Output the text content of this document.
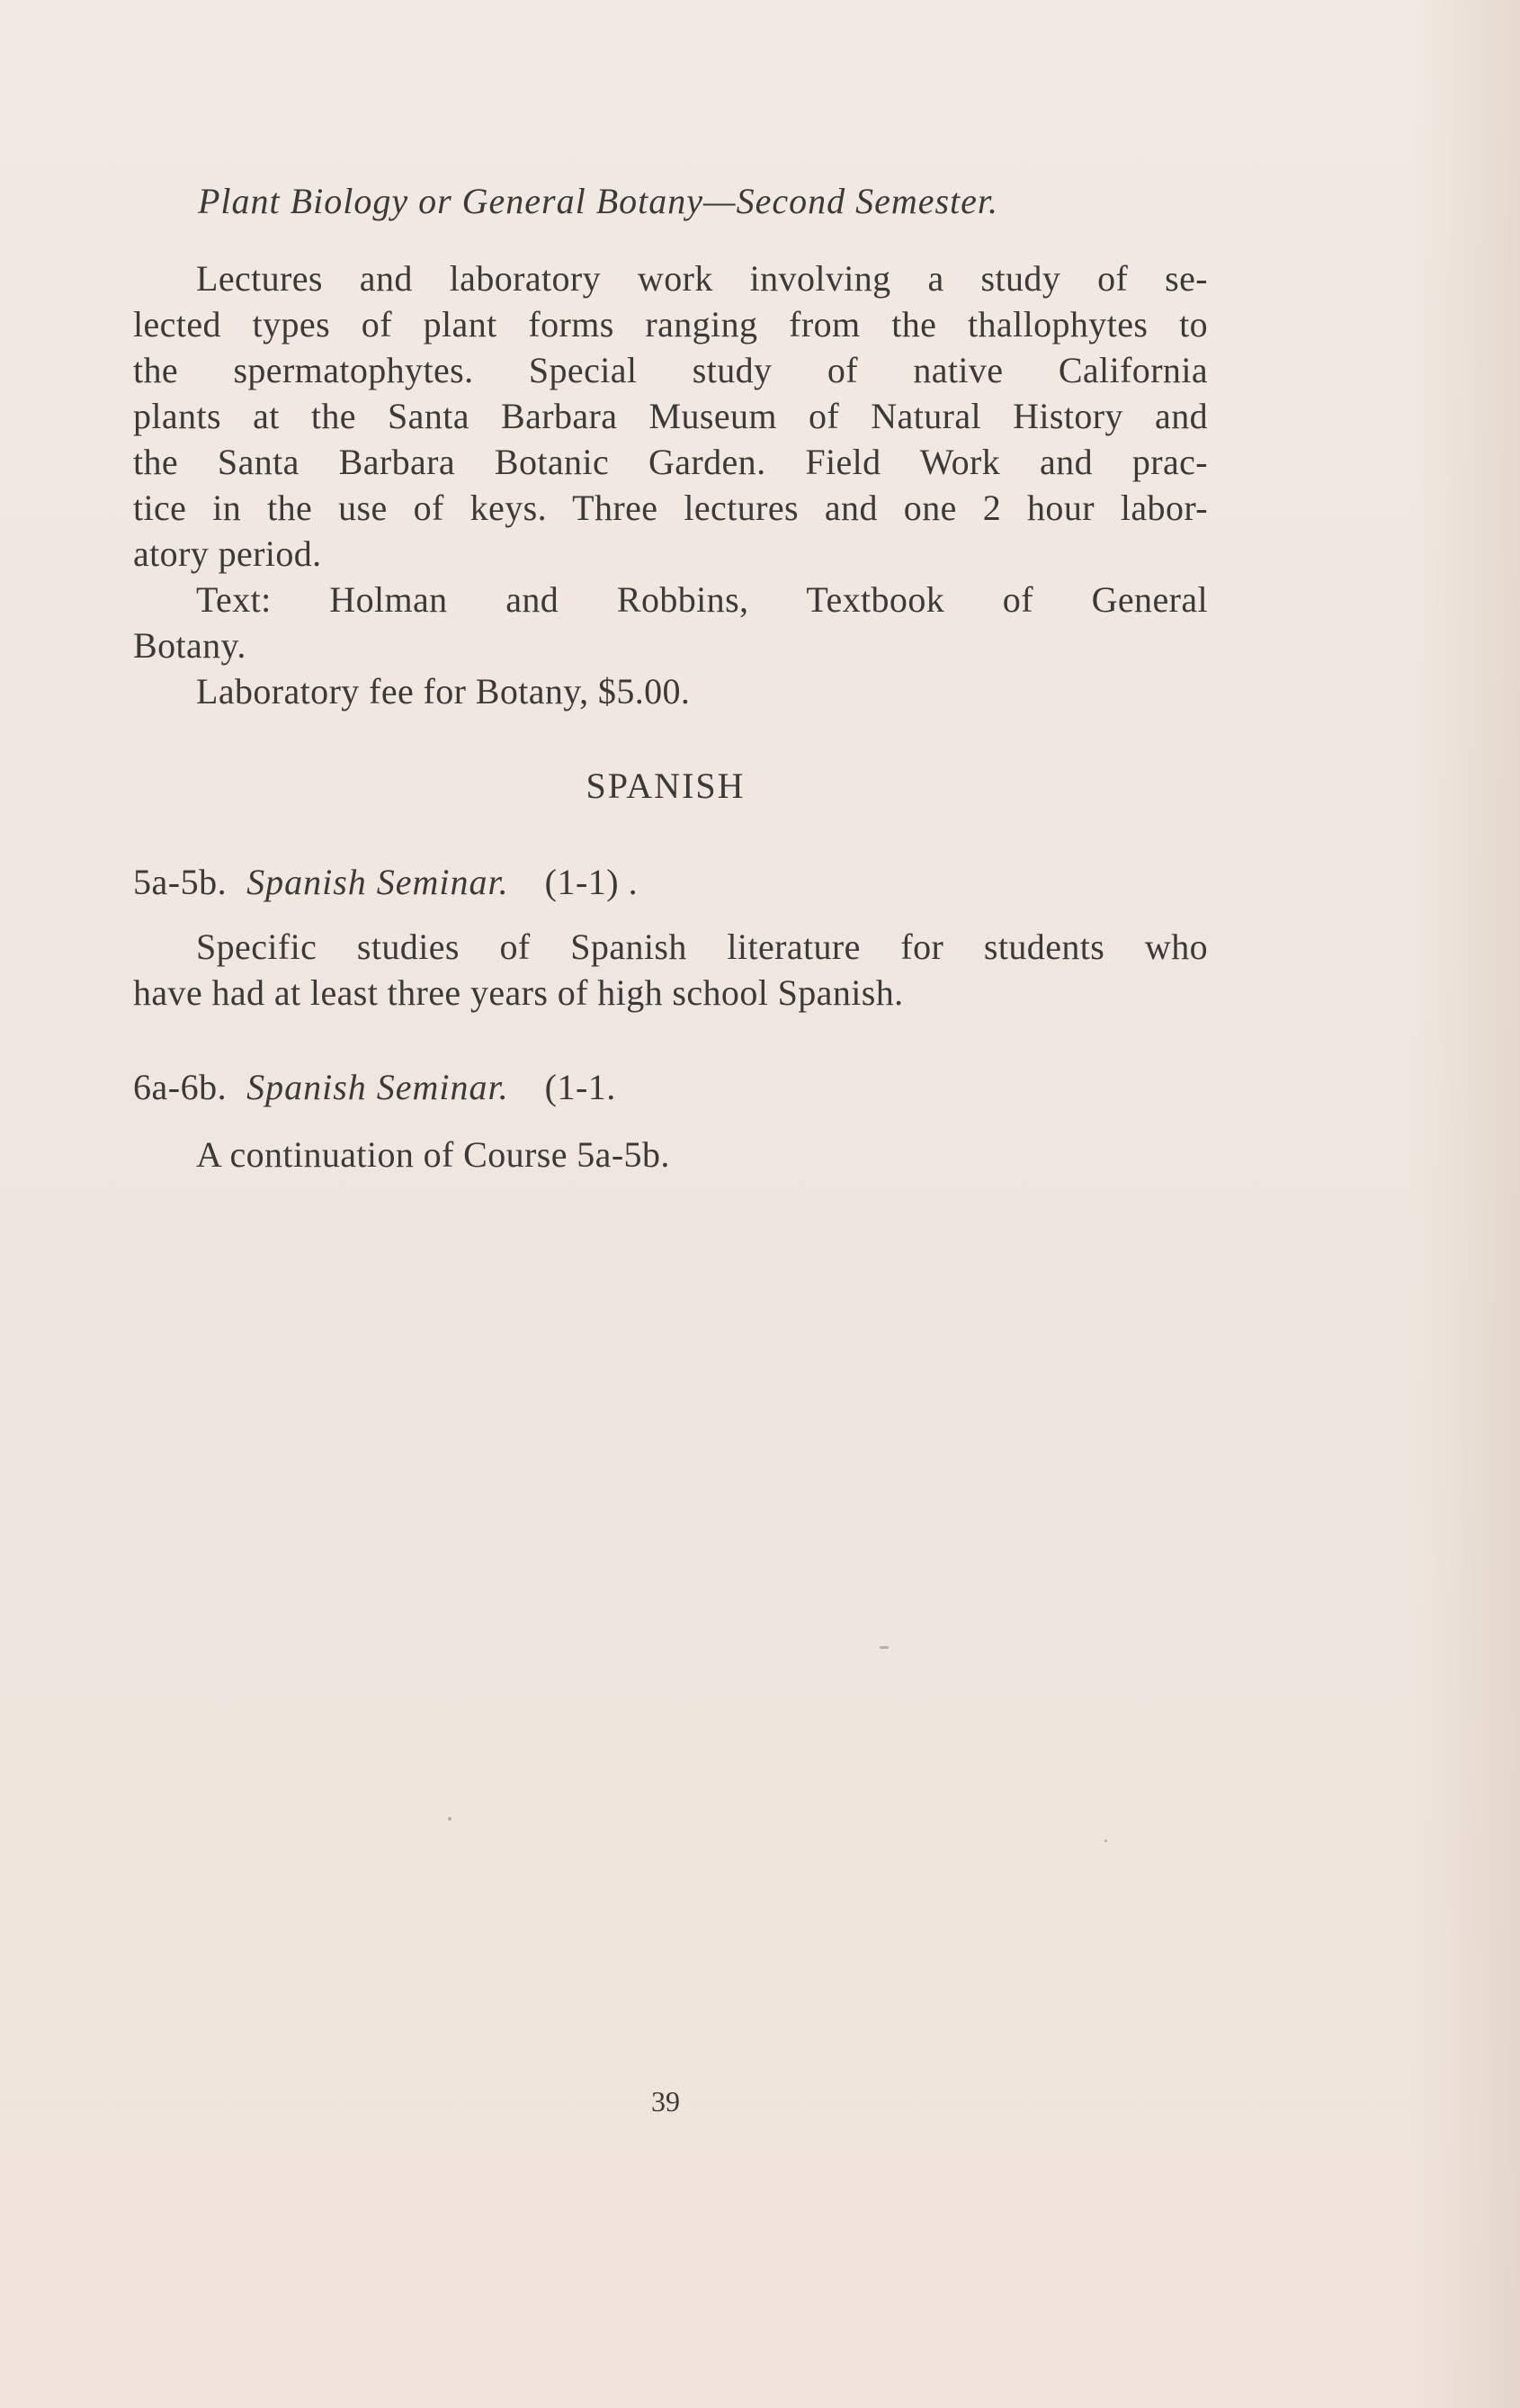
Plant Biology or General Botany—Second Semester.
Lectures and laboratory work involving a study of se-
lected types of plant forms ranging from the thallophytes to
the spermatophytes. Special study of native California
plants at the Santa Barbara Museum of Natural History and
the Santa Barbara Botanic Garden. Field Work and prac-
tice in the use of keys. Three lectures and one 2 hour labor-
atory period.
Text: Holman and Robbins, Textbook of General
Botany.
Laboratory fee for Botany, $5.00.
SPANISH
5a-5b. Spanish Seminar. (1-1) .
Specific studies of Spanish literature for students who
have had at least three years of high school Spanish.
6a-6b. Spanish Seminar. (1-1.
A continuation of Course 5a-5b.
39
